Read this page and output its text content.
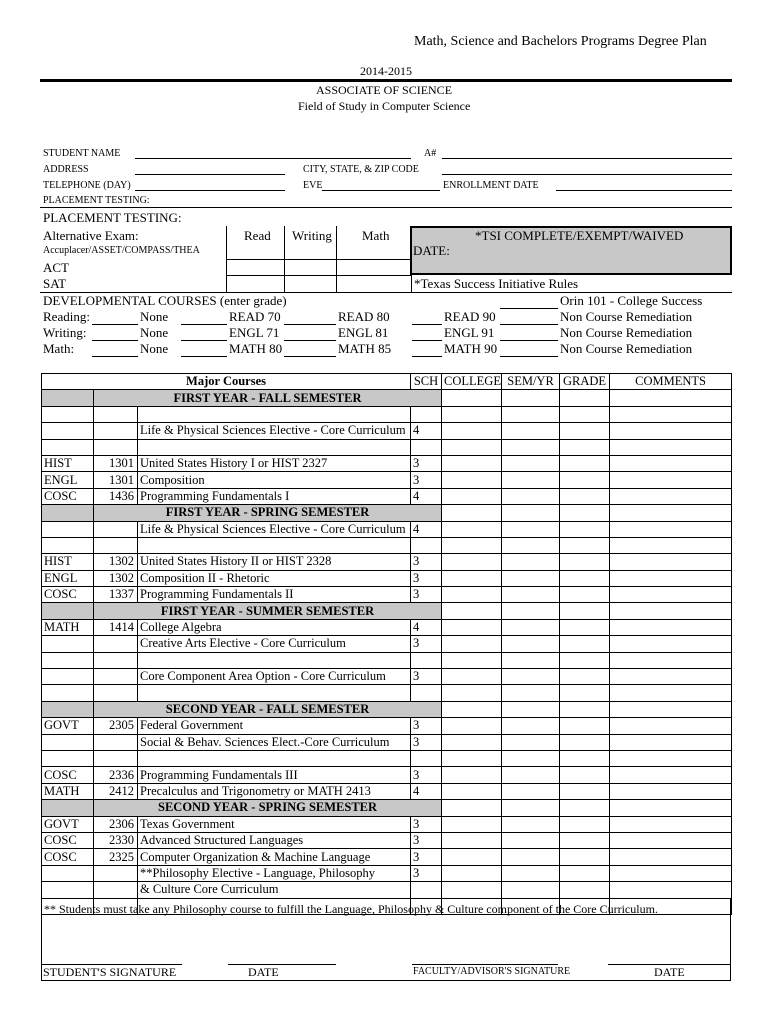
Math, Science and Bachelors Programs Degree Plan
2014-2015
ASSOCIATE OF SCIENCE
Field of Study in Computer Science
STUDENT NAME	A#
ADDRESS	CITY, STATE, & ZIP CODE
TELEPHONE (DAY)	EVE	ENROLLMENT DATE
PLACEMENT TESTING:
PLACEMENT TESTING:
Alternative Exam:	Read Writing Math
Accuplacer/ASSET/COMPASS/THEA
ACT
SAT
*TSI COMPLETE/EXEMPT/WAIVED
DATE:
*Texas Success Initiative Rules
DEVELOPMENTAL COURSES (enter grade)	Orin 101 - College Success
Reading:	None	READ 70	READ 80	READ 90	Non Course Remediation
Writing:	None	ENGL 71	ENGL 81	ENGL 91	Non Course Remediation
Math:	None	MATH 80	MATH 85	MATH 90	Non Course Remediation
Major Courses			SCH	COLLEGE	SEM/YR	GRADE	COMMENTS
	FIRST YEAR - FALL SEMESTER						

		Life & Physical Sciences Elective - Core Curriculum	4				

HIST	1301	United States History I or HIST 2327	3				
ENGL	1301	Composition	3				
COSC	1436	Programming Fundamentals I	4				
	FIRST YEAR - SPRING SEMESTER						
		Life & Physical Sciences Elective - Core Curriculum	4				

HIST	1302	United States History II or HIST 2328	3				
ENGL	1302	Composition II - Rhetoric	3				
COSC	1337	Programming Fundamentals II	3				
	FIRST YEAR - SUMMER SEMESTER						
MATH	1414	College Algebra	4				
		Creative Arts Elective - Core Curriculum	3				

		Core Component Area Option - Core Curriculum	3				

	SECOND YEAR - FALL SEMESTER						
GOVT	2305	Federal Government	3				
		Social & Behav. Sciences Elect.-Core Curriculum	3				

COSC	2336	Programming Fundamentals III	3				
MATH	2412	Precalculus and Trigonometry or MATH 2413	4				
	SECOND YEAR - SPRING SEMESTER						
GOVT	2306	Texas Government	3				
COSC	2330	Advanced Structured Languages	3				
COSC	2325	Computer Organization & Machine Language	3				
		**Philosophy Elective - Language, Philosophy	3				
		& Culture Core Curriculum					

** Students must take any Philosophy course to fulfill the Language, Philosophy & Culture component of the Core Curriculum.
STUDENT'S SIGNATURE	DATE	FACULTY/ADVISOR'S SIGNATURE	DATE
